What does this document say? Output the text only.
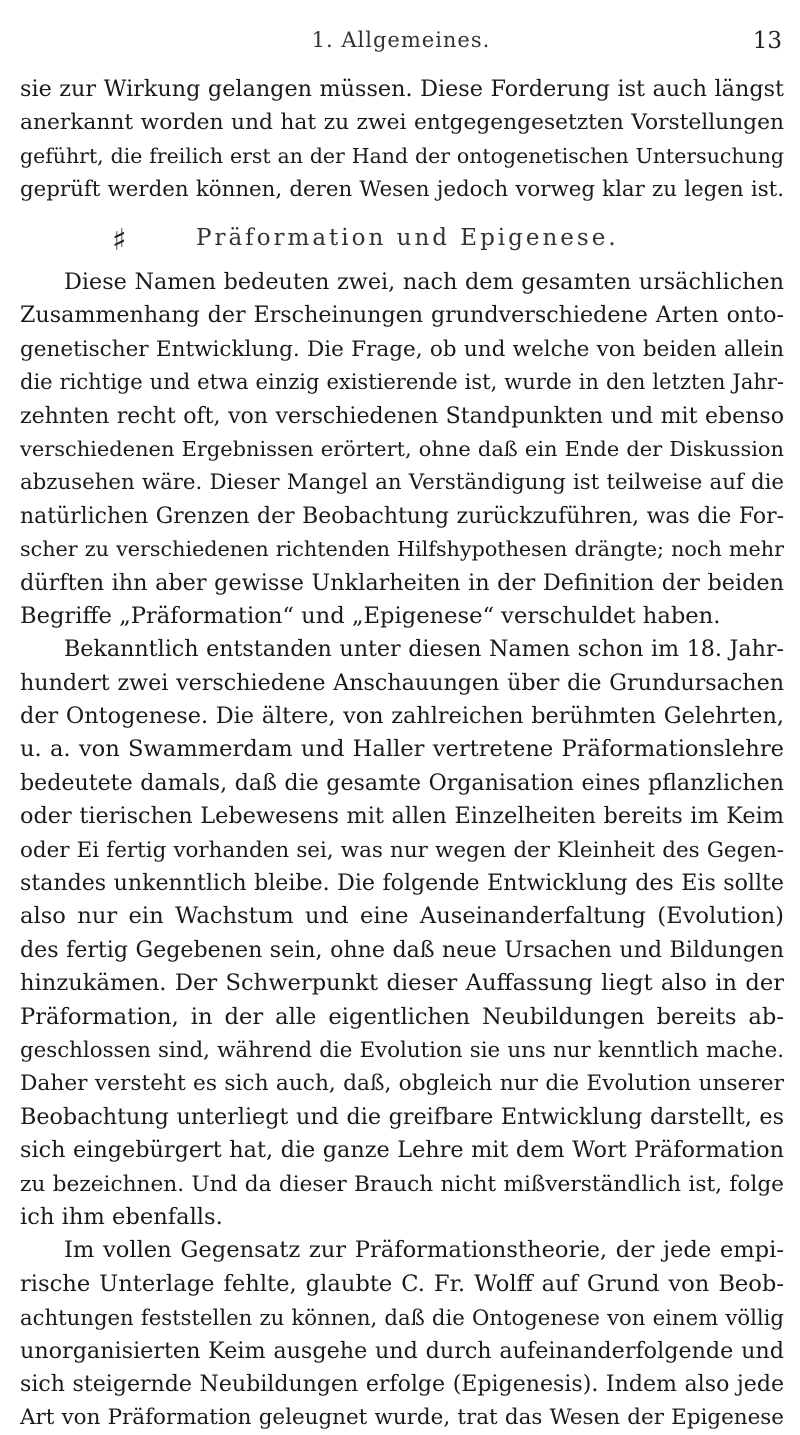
1. Allgemeines.	13
sie zur Wirkung gelangen müssen. Diese Forderung ist auch längst
anerkannt worden und hat zu zwei entgegengesetzten Vorstellungen
geführt, die freilich erst an der Hand der ontogenetischen Untersuchung
geprüft werden können, deren Wesen jedoch vorweg klar zu legen ist.
♯	Präformation und Epigenese.
Diese Namen bedeuten zwei, nach dem gesamten ursächlichen
Zusammenhang der Erscheinungen grundverschiedene Arten onto-
genetischer Entwicklung. Die Frage, ob und welche von beiden allein
die richtige und etwa einzig existierende ist, wurde in den letzten Jahr-
zehnten recht oft, von verschiedenen Standpunkten und mit ebenso
verschiedenen Ergebnissen erörtert, ohne daß ein Ende der Diskussion
abzusehen wäre. Dieser Mangel an Verständigung ist teilweise auf die
natürlichen Grenzen der Beobachtung zurückzuführen, was die For-
scher zu verschiedenen richtenden Hilfshypothesen drängte; noch mehr
dürften ihn aber gewisse Unklarheiten in der Definition der beiden
Begriffe „Präformation“ und „Epigenese“ verschuldet haben.
Bekanntlich entstanden unter diesen Namen schon im 18. Jahr-
hundert zwei verschiedene Anschauungen über die Grundursachen
der Ontogenese. Die ältere, von zahlreichen berühmten Gelehrten,
u. a. von Swammerdam und Haller vertretene Präformationslehre
bedeutete damals, daß die gesamte Organisation eines pflanzlichen
oder tierischen Lebewesens mit allen Einzelheiten bereits im Keim
oder Ei fertig vorhanden sei, was nur wegen der Kleinheit des Gegen-
standes unkenntlich bleibe. Die folgende Entwicklung des Eis sollte
also nur ein Wachstum und eine Auseinanderfaltung (Evolution)
des fertig Gegebenen sein, ohne daß neue Ursachen und Bildungen
hinzukämen. Der Schwerpunkt dieser Auffassung liegt also in der
Präformation, in der alle eigentlichen Neubildungen bereits ab-
geschlossen sind, während die Evolution sie uns nur kenntlich mache.
Daher versteht es sich auch, daß, obgleich nur die Evolution unserer
Beobachtung unterliegt und die greifbare Entwicklung darstellt, es
sich eingebürgert hat, die ganze Lehre mit dem Wort Präformation
zu bezeichnen. Und da dieser Brauch nicht mißverständlich ist, folge
ich ihm ebenfalls.
Im vollen Gegensatz zur Präformationstheorie, der jede empi-
rische Unterlage fehlte, glaubte C. Fr. Wolff auf Grund von Beob-
achtungen feststellen zu können, daß die Ontogenese von einem völlig
unorganisierten Keim ausgehe und durch aufeinanderfolgende und
sich steigernde Neubildungen erfolge (Epigenesis). Indem also jede
Art von Präformation geleugnet wurde, trat das Wesen der Epigenese
